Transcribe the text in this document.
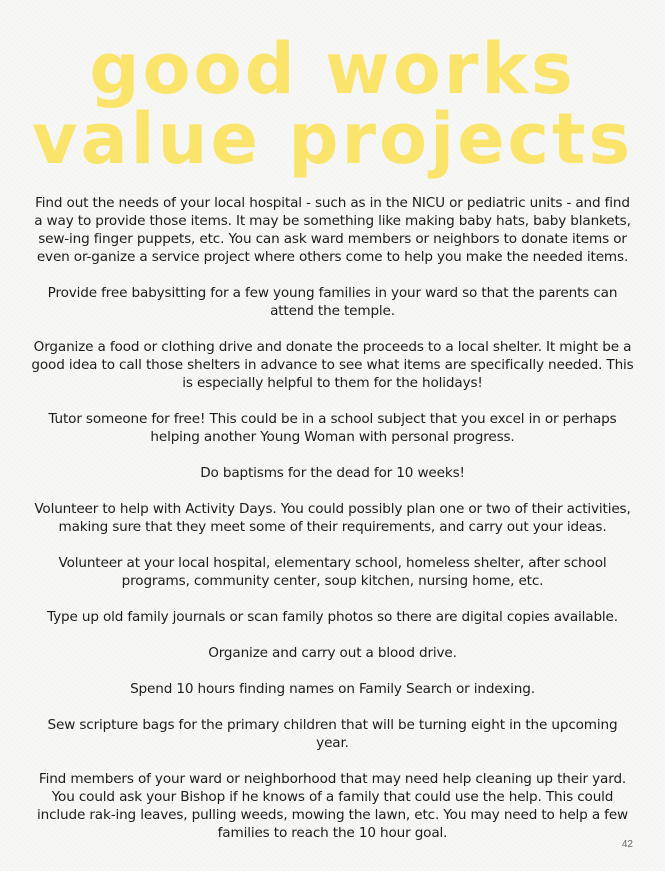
good works
value projects
Find out the needs of your local hospital - such as in the NICU or pediatric units - and find a way to provide those items. It may be something like making baby hats, baby blankets, sew-ing finger puppets, etc. You can ask ward members or neighbors to donate items or even or-ganize a service project where others come to help you make the needed items.
Provide free babysitting for a few young families in your ward so that the parents can attend the temple.
Organize a food or clothing drive and donate the proceeds to a local shelter. It might be a good idea to call those shelters in advance to see what items are specifically needed. This is especially helpful to them for the holidays!
Tutor someone for free! This could be in a school subject that you excel in or perhaps helping another Young Woman with personal progress.
Do baptisms for the dead for 10 weeks!
Volunteer to help with Activity Days. You could possibly plan one or two of their activities, making sure that they meet some of their requirements, and carry out your ideas.
Volunteer at your local hospital, elementary school, homeless shelter, after school programs, community center, soup kitchen, nursing home, etc.
Type up old family journals or scan family photos so there are digital copies available.
Organize and carry out a blood drive.
Spend 10 hours finding names on Family Search or indexing.
Sew scripture bags for the primary children that will be turning eight in the upcoming year.
Find members of your ward or neighborhood that may need help cleaning up their yard. You could ask your Bishop if he knows of a family that could use the help. This could include rak-ing leaves, pulling weeds, mowing the lawn, etc. You may need to help a few families to reach the 10 hour goal.
42
